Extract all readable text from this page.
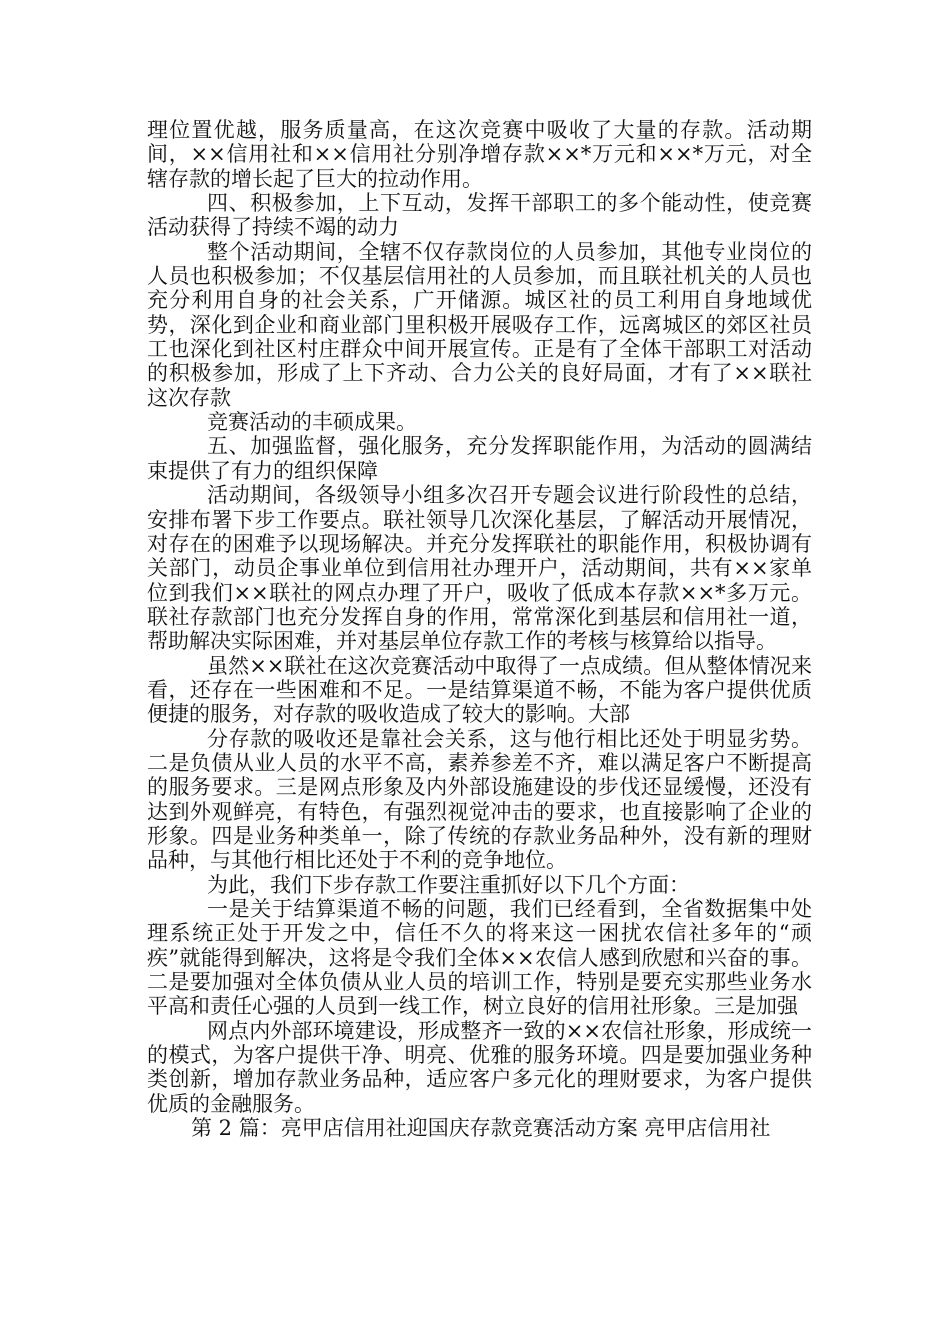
理位置优越，服务质量高，在这次竞赛中吸收了大量的存款。活动期间，××信用社和××信用社分别净增存款××*万元和××*万元，对全辖存款的增长起了巨大的拉动作用。

四、积极参加，上下互动，发挥干部职工的多个能动性，使竞赛活动获得了持续不竭的动力

整个活动期间，全辖不仅存款岗位的人员参加，其他专业岗位的人员也积极参加；不仅基层信用社的人员参加，而且联社机关的人员也充分利用自身的社会关系，广开储源。城区社的员工利用自身地域优势，深化到企业和商业部门里积极开展吸存工作，远离城区的郊区社员工也深化到社区村庄群众中间开展宣传。正是有了全体干部职工对活动的积极参加，形成了上下齐动、合力公关的良好局面，才有了××联社这次存款

竞赛活动的丰硕成果。

五、加强监督，强化服务，充分发挥职能作用，为活动的圆满结束提供了有力的组织保障

活动期间，各级领导小组多次召开专题会议进行阶段性的总结，安排布署下步工作要点。联社领导几次深化基层，了解活动开展情况，对存在的困难予以现场解决。并充分发挥联社的职能作用，积极协调有关部门，动员企事业单位到信用社办理开户，活动期间，共有××家单位到我们××联社的网点办理了开户，吸收了低成本存款××*多万元。联社存款部门也充分发挥自身的作用，常常深化到基层和信用社一道，帮助解决实际困难，并对基层单位存款工作的考核与核算给以指导。

虽然××联社在这次竞赛活动中取得了一点成绩。但从整体情况来看，还存在一些困难和不足。一是结算渠道不畅，不能为客户提供优质便捷的服务，对存款的吸收造成了较大的影响。大部

分存款的吸收还是靠社会关系，这与他行相比还处于明显劣势。二是负债从业人员的水平不高，素养参差不齐，难以满足客户不断提高的服务要求。三是网点形象及内外部设施建设的步伐还显缓慢，还没有达到外观鲜亮，有特色，有强烈视觉冲击的要求，也直接影响了企业的形象。四是业务种类单一，除了传统的存款业务品种外，没有新的理财品种，与其他行相比还处于不利的竞争地位。

为此，我们下步存款工作要注重抓好以下几个方面：

一是关于结算渠道不畅的问题，我们已经看到，全省数据集中处理系统正处于开发之中，信任不久的将来这一困扰农信社多年的“顽疾”就能得到解决，这将是令我们全体××农信人感到欣慰和兴奋的事。二是要加强对全体负债从业人员的培训工作，特别是要充实那些业务水平高和责任心强的人员到一线工作，树立良好的信用社形象。三是加强

网点内外部环境建设，形成整齐一致的××农信社形象，形成统一的模式，为客户提供干净、明亮、优雅的服务环境。四是要加强业务种类创新，增加存款业务品种，适应客户多元化的理财要求，为客户提供优质的金融服务。

第 2 篇：亮甲店信用社迎国庆存款竞赛活动方案 亮甲店信用社
